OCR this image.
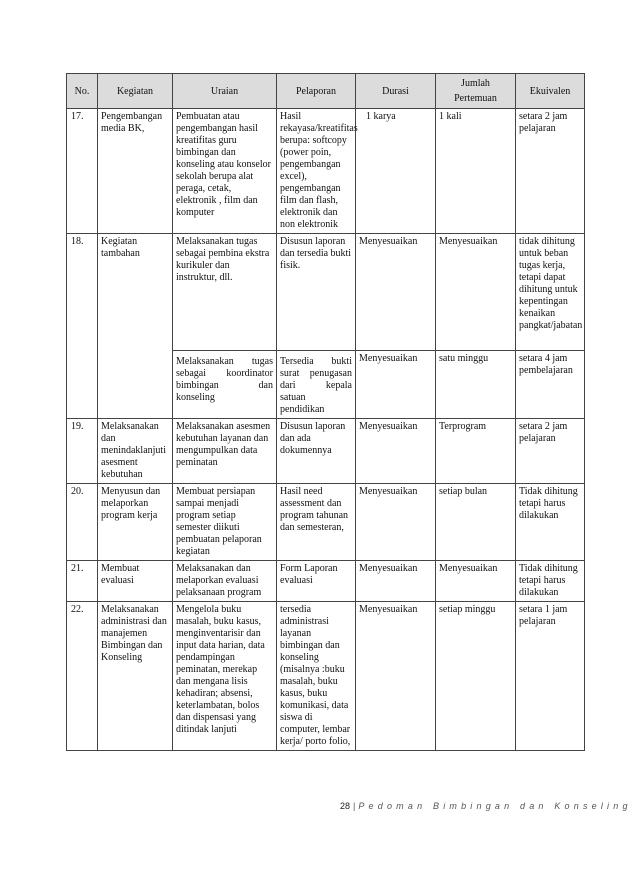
No.	Kegiatan	Uraian	Pelaporan	Durasi	Jumlah Pertemuan	Ekuivalen
17.	Pengembangan media BK,	Pembuatan atau pengembangan hasil kreatifitas guru bimbingan dan konseling atau konselor sekolah berupa alat peraga, cetak, elektronik , film dan komputer	Hasil rekayasa/kreatifitas berupa: softcopy (power poin, pengembangan excel), pengembangan film dan flash, elektronik dan non elektronik	1 karya	1 kali	setara 2 jam pelajaran
18.	Kegiatan tambahan	Melaksanakan tugas sebagai pembina ekstra kurikuler dan instruktur, dll.	Disusun laporan dan tersedia bukti fisik.	Menyesuaikan	Menyesuaikan	tidak dihitung untuk beban tugas kerja, tetapi dapat dihitung untuk kepentingan kenaikan pangkat/jabatan
		Melaksanakan tugas sebagai koordinator bimbingan dan konseling	Tersedia bukti surat penugasan dari kepala satuan pendidikan	Menyesuaikan	satu minggu	setara 4 jam pembelajaran
19.	Melaksanakan dan menindaklanjuti asesment kebutuhan	Melaksanakan asesmen kebutuhan layanan dan mengumpulkan data peminatan	Disusun laporan dan ada dokumennya	Menyesuaikan	Terprogram	setara 2 jam pelajaran
20.	Menyusun dan melaporkan program kerja	Membuat persiapan sampai menjadi program setiap semester diikuti pembuatan pelaporan kegiatan	Hasil need assessment dan program tahunan dan semesteran,	Menyesuaikan	setiap bulan	Tidak dihitung tetapi harus dilakukan
21.	Membuat evaluasi	Melaksanakan dan melaporkan evaluasi pelaksanaan program	Form Laporan evaluasi	Menyesuaikan	Menyesuaikan	Tidak dihitung tetapi harus dilakukan
22.	Melaksanakan administrasi dan manajemen Bimbingan dan Konseling	Mengelola buku masalah, buku kasus, menginventarisir dan input data harian, data pendampingan peminatan, merekap dan mengana lisis kehadiran; absensi, keterlambatan, bolos dan dispensasi yang ditindak lanjuti	tersedia administrasi layanan bimbingan dan konseling (misalnya :buku masalah, buku kasus, buku komunikasi, data siswa di computer, lembar kerja/ porto folio,	Menyesuaikan	setiap minggu	setara 1 jam pelajaran
28 | Pedoman Bimbingan dan Konseling
